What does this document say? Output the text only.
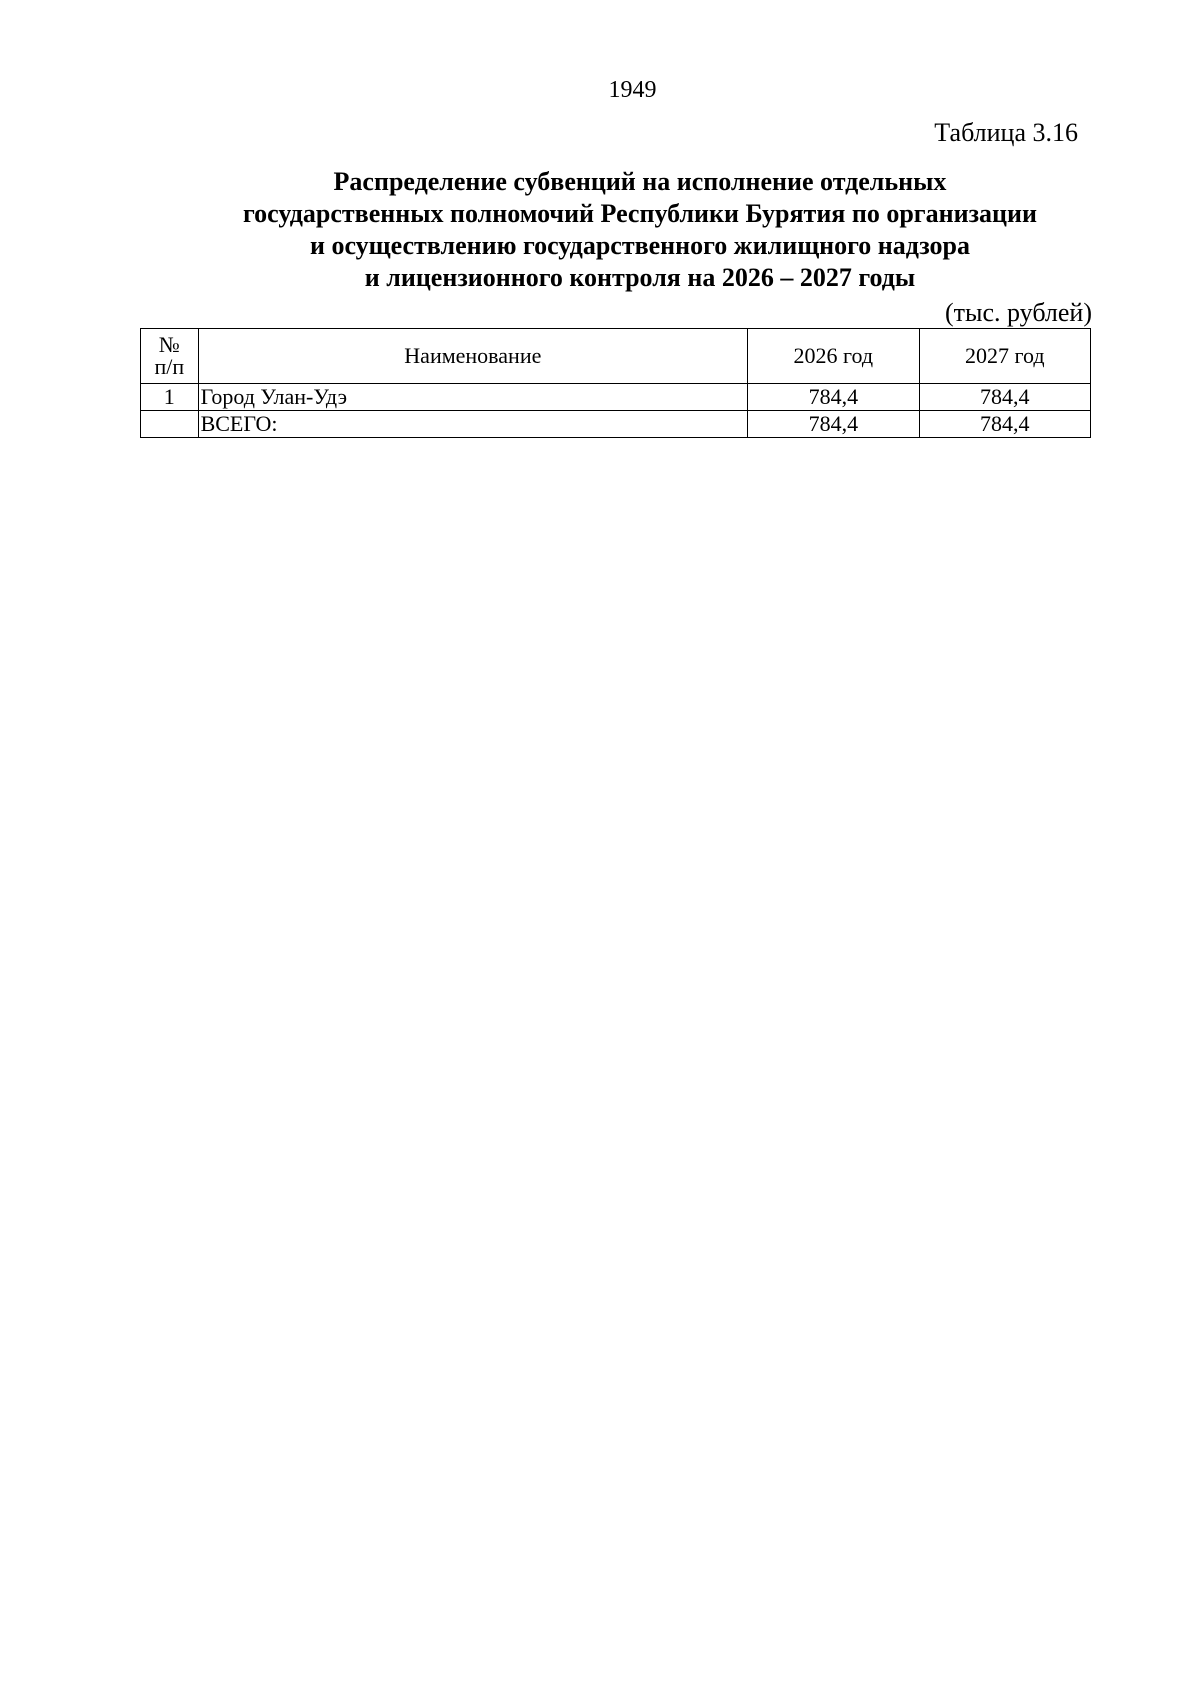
1949
Таблица 3.16
Распределение субвенций на исполнение отдельных
государственных полномочий Республики Бурятия по организации
и осуществлению государственного жилищного надзора
и лицензионного контроля на 2026 – 2027 годы
(тыс. рублей)
№
п/п	Наименование	2026 год	2027 год
1	Город Улан-Удэ	784,4	784,4
	ВСЕГО:	784,4	784,4
